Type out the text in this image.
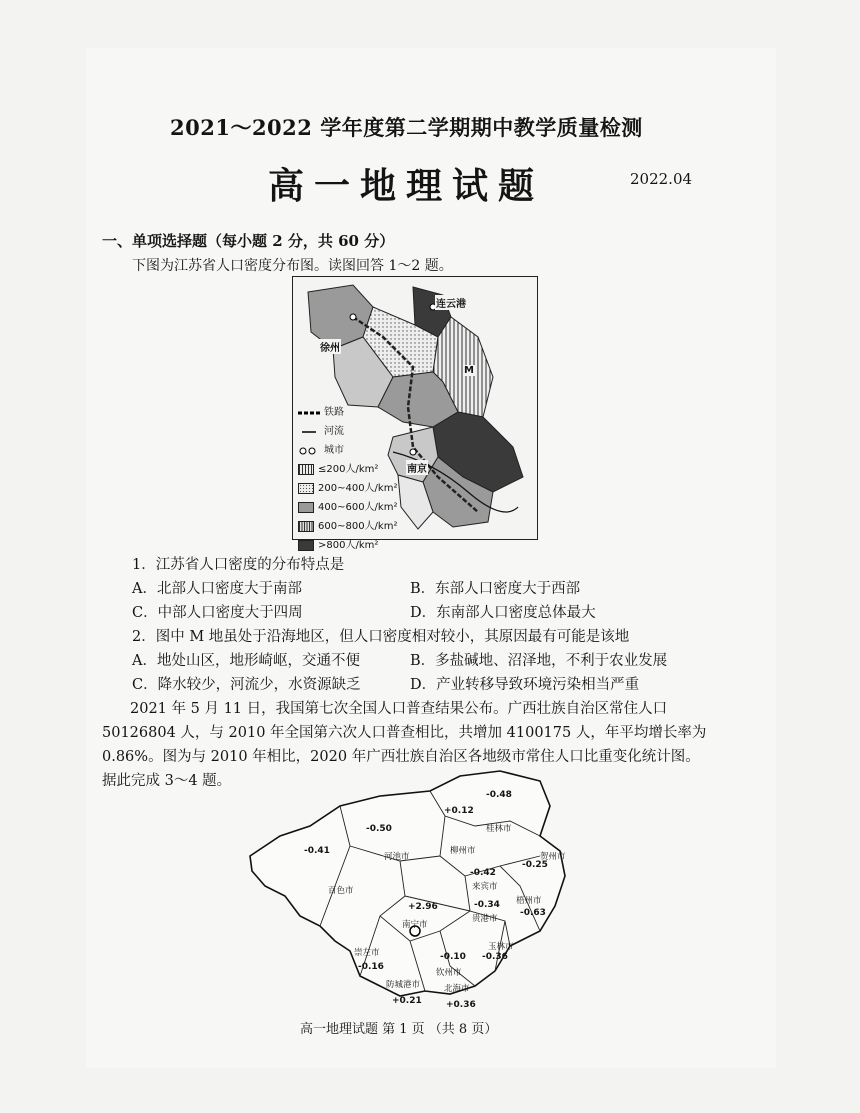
2021～2022 学年度第二学期期中教学质量检测
高一地理试题	2022.04
一、单项选择题（每小题 2 分，共 60 分）
下图为江苏省人口密度分布图。读图回答 1～2 题。
连云港
徐州
南京
M
铁路
河流
城市
≤200人/km²
200~400人/km²
400~600人/km²
600~800人/km²
>800人/km²
1．江苏省人口密度的分布特点是
A．北部人口密度大于南部	B．东部人口密度大于西部
C．中部人口密度大于四周	D．东南部人口密度总体最大
2．图中 M 地虽处于沿海地区，但人口密度相对较小，其原因最有可能是该地
A．地处山区，地形崎岖，交通不便	B．多盐碱地、沼泽地，不利于农业发展
C．降水较少，河流少，水资源缺乏	D．产业转移导致环境污染相当严重
2021 年 5 月 11 日，我国第七次全国人口普查结果公布。广西壮族自治区常住人口
50126804 人，与 2010 年全国第六次人口普查相比，共增加 4100175 人，年平均增长率为
0.86%。图为与 2010 年相比，2020 年广西壮族自治区各地级市常住人口比重变化统计图。
据此完成 3～4 题。
-0.48
桂林市
+0.12
柳州市
-0.50
河池市
-0.41
百色市
-0.25
贺州市
-0.42
来宾市
-0.63
梧州市
-0.34
贵港市
+2.96
南宁市
-0.36
玉林市
-0.16
崇左市	-0.10
钦州市
+0.21
防城港市
+0.36
北海市
高一地理试题 第 1 页 （共 8 页）
